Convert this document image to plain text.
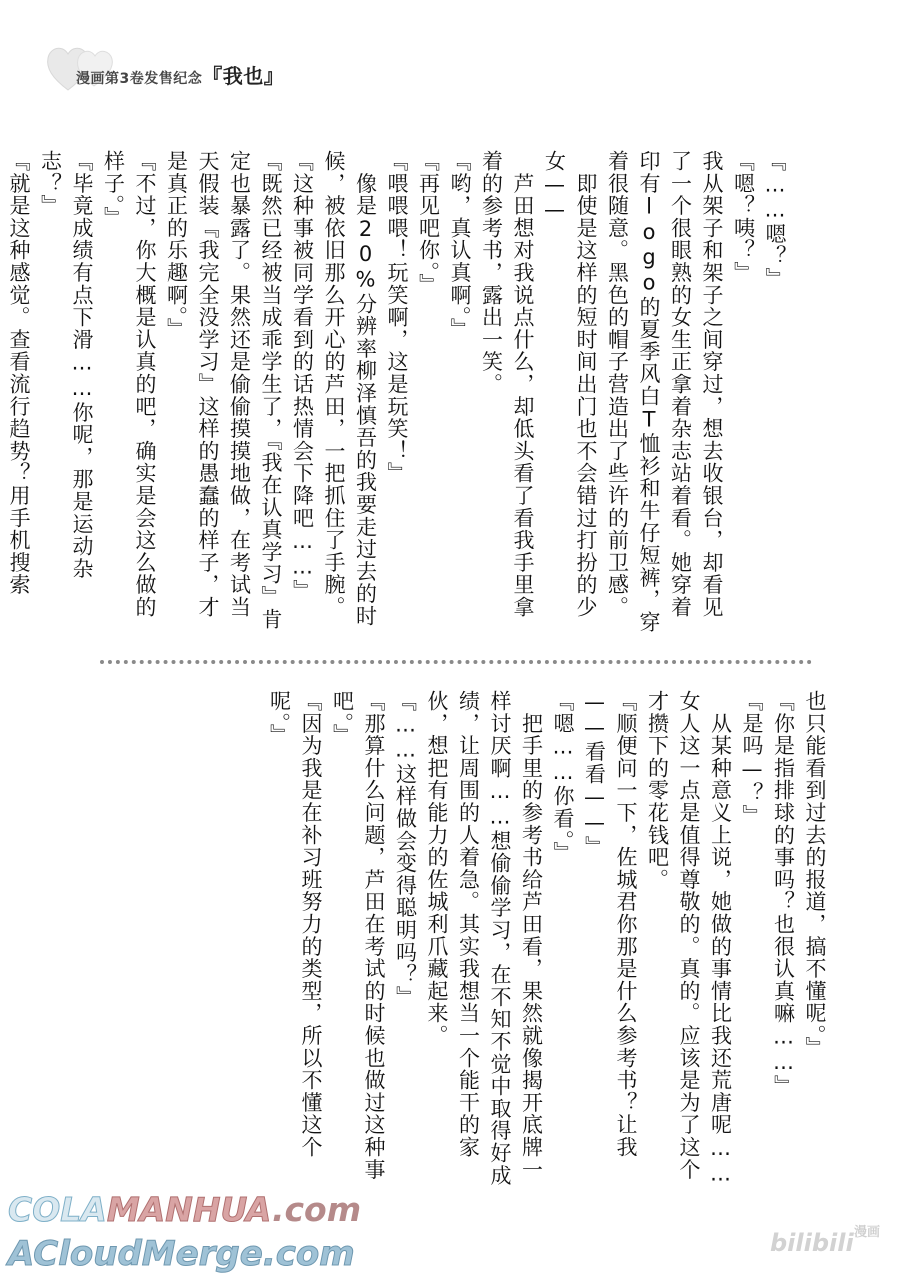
漫画第3卷发售纪念『我也』
『……嗯？』
『嗯？咦？』
我从架子和架子之间穿过，想去收银台，却看见了一个很眼熟的女生正拿着杂志站着看。她穿着印有logo的夏季风白T恤衫和牛仔短裤，穿着很随意。黑色的帽子营造出了些许的前卫感。
　即使是这样的短时间出门也不会错过打扮的少女——
　芦田想对我说点什么，却低头看了看我手里拿着的参考书，露出一笑。
『哟，真认真啊。』
『再见吧你。』
『喂喂喂！玩笑啊，这是玩笑！』
　像是20%分辨率柳泽慎吾的我要走过去的时候，被依旧那么开心的芦田，一把抓住了手腕。
『这种事被同学看到的话热情会下降吧……』
『既然已经被当成乖学生了，『我在认真学习』肯定也暴露了。果然还是偷偷摸摸地做，在考试当天假装『我完全没学习』这样的愚蠢的样子，才是真正的乐趣啊。』
『不过，你大概是认真的吧，确实是会这么做的样子。』
『毕竟成绩有点下滑……你呢，那是运动杂志？』
『就是这种感觉。查看流行趋势？用手机搜索
也只能看到过去的报道，搞不懂呢。』
『你是指排球的事吗？也很认真嘛……』
『是吗—？』
　从某种意义上说，她做的事情比我还荒唐呢……女人这一点是值得尊敬的。真的。应该是为了这个才攒下的零花钱吧。
『顺便问一下，佐城君你那是什么参考书？让我——看看——』
『嗯……你看。』
　把手里的参考书给芦田看，果然就像揭开底牌一样讨厌啊……想偷偷学习，在不知不觉中取得好成绩，让周围的人着急。其实我想当一个能干的家伙，想把有能力的佐城利爪藏起来。
『……这样做会变得聪明吗？』
『那算什么问题，芦田在考试的时候也做过这种事吧。』
『因为我是在补习班努力的类型，所以不懂这个呢。』
COLAMANHUA.com
ACloudMerge.com	bilibili 漫画
